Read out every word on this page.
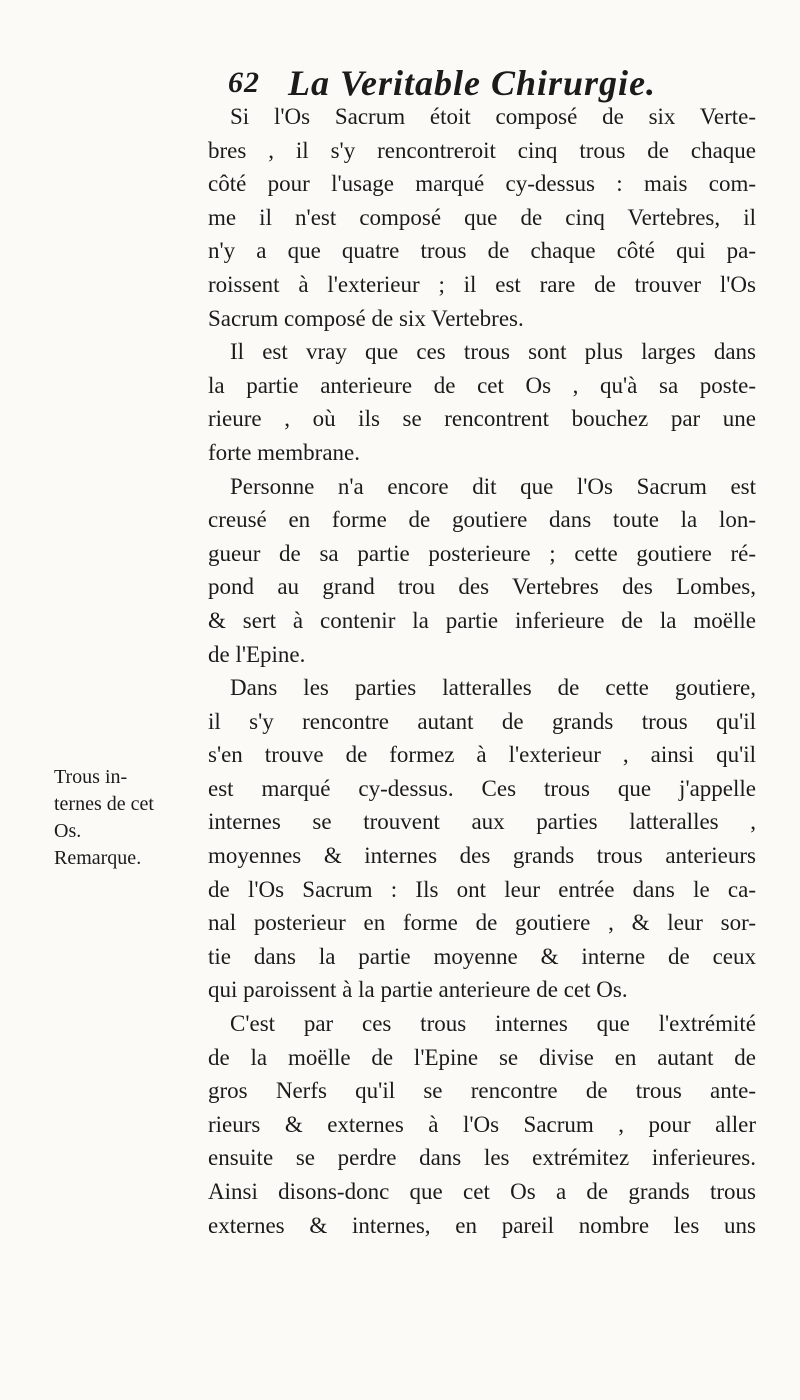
62 La Veritable Chirurgie.
Trous in-
ternes de cet
Os.
Remarque.
Si l'Os Sacrum étoit composé de six Verte-
bres , il s'y rencontreroit cinq trous de chaque
côté pour l'usage marqué cy-dessus : mais com-
me il n'est composé que de cinq Vertebres, il
n'y a que quatre trous de chaque côté qui pa-
roissent à l'exterieur ; il est rare de trouver l'Os
Sacrum composé de six Vertebres.
Il est vray que ces trous sont plus larges dans
la partie anterieure de cet Os , qu'à sa poste-
rieure , où ils se rencontrent bouchez par une
forte membrane.
Personne n'a encore dit que l'Os Sacrum est
creusé en forme de goutiere dans toute la lon-
gueur de sa partie posterieure ; cette goutiere ré-
pond au grand trou des Vertebres des Lombes,
& sert à contenir la partie inferieure de la moëlle
de l'Epine.
Dans les parties latteralles de cette goutiere,
il s'y rencontre autant de grands trous qu'il
s'en trouve de formez à l'exterieur , ainsi qu'il
est marqué cy-dessus. Ces trous que j'appelle
internes se trouvent aux parties latteralles ,
moyennes & internes des grands trous anterieurs
de l'Os Sacrum : Ils ont leur entrée dans le ca-
nal posterieur en forme de goutiere , & leur sor-
tie dans la partie moyenne & interne de ceux
qui paroissent à la partie anterieure de cet Os.
C'est par ces trous internes que l'extrémité
de la moëlle de l'Epine se divise en autant de
gros Nerfs qu'il se rencontre de trous ante-
rieurs & externes à l'Os Sacrum , pour aller
ensuite se perdre dans les extrémitez inferieures.
Ainsi disons-donc que cet Os a de grands trous
externes & internes, en pareil nombre les uns
